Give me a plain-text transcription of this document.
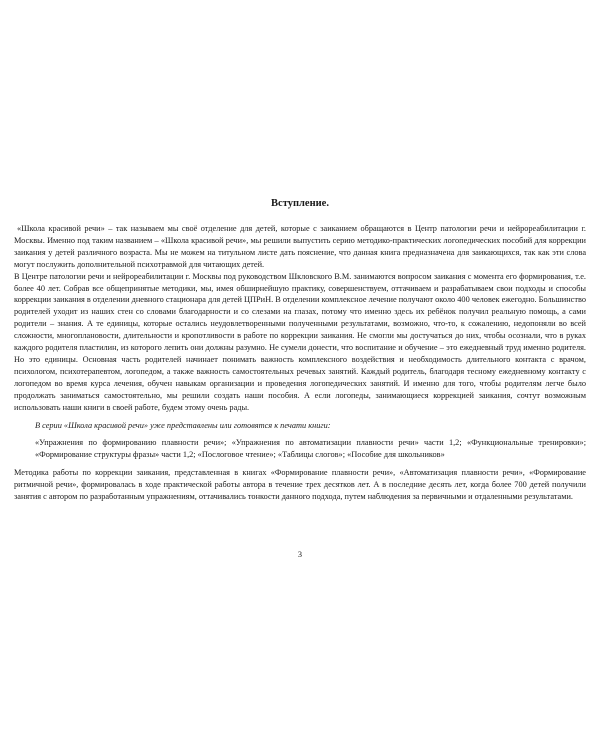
Вступление.

«Школа красивой речи» – так называем мы своё отделение для детей, которые с заиканием обращаются в Центр патологии речи и нейрореабилитации г. Москвы. Именно под таким названием – «Школа красивой речи», мы решили выпустить серию методико-практических логопедических пособий для коррекции заикания у детей различного возраста. Мы не можем на титульном листе дать пояснение, что данная книга предназначена для заикающихся, так как эти слова могут послужить дополнительной психотравмой для читающих детей.

В Центре патологии речи и нейрореабилитации г. Москвы под руководством Шкловского В.М. занимаются вопросом заикания с момента его формирования, т.е. более 40 лет. Собрав все общепринятые методики, мы, имея обширнейшую практику, совершенствуем, оттачиваем и разрабатываем свои подходы и способы коррекции заикания в отделении дневного стационара для детей ЦПРиН. В отделении комплексное лечение получают около 400 человек ежегодно. Большинство родителей уходит из наших стен со словами благодарности и со слезами на глазах, потому что именно здесь их ребёнок получил реальную помощь, а сами родители – знания. А те единицы, которые остались неудовлетворенными полученными результатами, возможно, что-то, к сожалению, недопоняли во всей сложности, многоплановости, длительности и кропотливости в работе по коррекции заикания. Не смогли мы достучаться до них, чтобы осознали, что в руках каждого родителя пластилин, из которого лепить они должны разумно. Не сумели донести, что воспитание и обучение – это ежедневный труд именно родителя. Но это единицы. Основная часть родителей начинает понимать важность комплексного воздействия и необходимость длительного контакта с врачом, психологом, психотерапевтом, логопедом, а также важность самостоятельных речевых занятий. Каждый родитель, благодаря тесному ежедневному контакту с логопедом во время курса лечения, обучен навыкам организации и проведения логопедических занятий. И именно для того, чтобы родителям легче было продолжать заниматься самостоятельно, мы решили создать наши пособия. А если логопеды, занимающиеся коррекцией заикания, сочтут возможным использовать наши книги в своей работе, будем этому очень рады.

В серии «Школа красивой речи» уже представлены или готовятся к печати книги:

«Упражнения по формированию плавности речи»; «Упражнения по автоматизации плавности речи» части 1,2; «Функциональные тренировки»; «Формирование структуры фразы» части 1,2; «Послоговое чтение»; «Таблицы слогов»; «Пособие для школьников»

Методика работы по коррекции заикания, представленная в книгах «Формирование плавности речи», «Автоматизация плавности речи», «Формирование ритмичной речи», формировалась в ходе практической работы автора в течение трех десятков лет. А в последние десять лет, когда более 700 детей получили занятия с автором по разработанным упражнениям, оттачивались тонкости данного подхода, путем наблюдения за первичными и отдаленными результатами.

3
